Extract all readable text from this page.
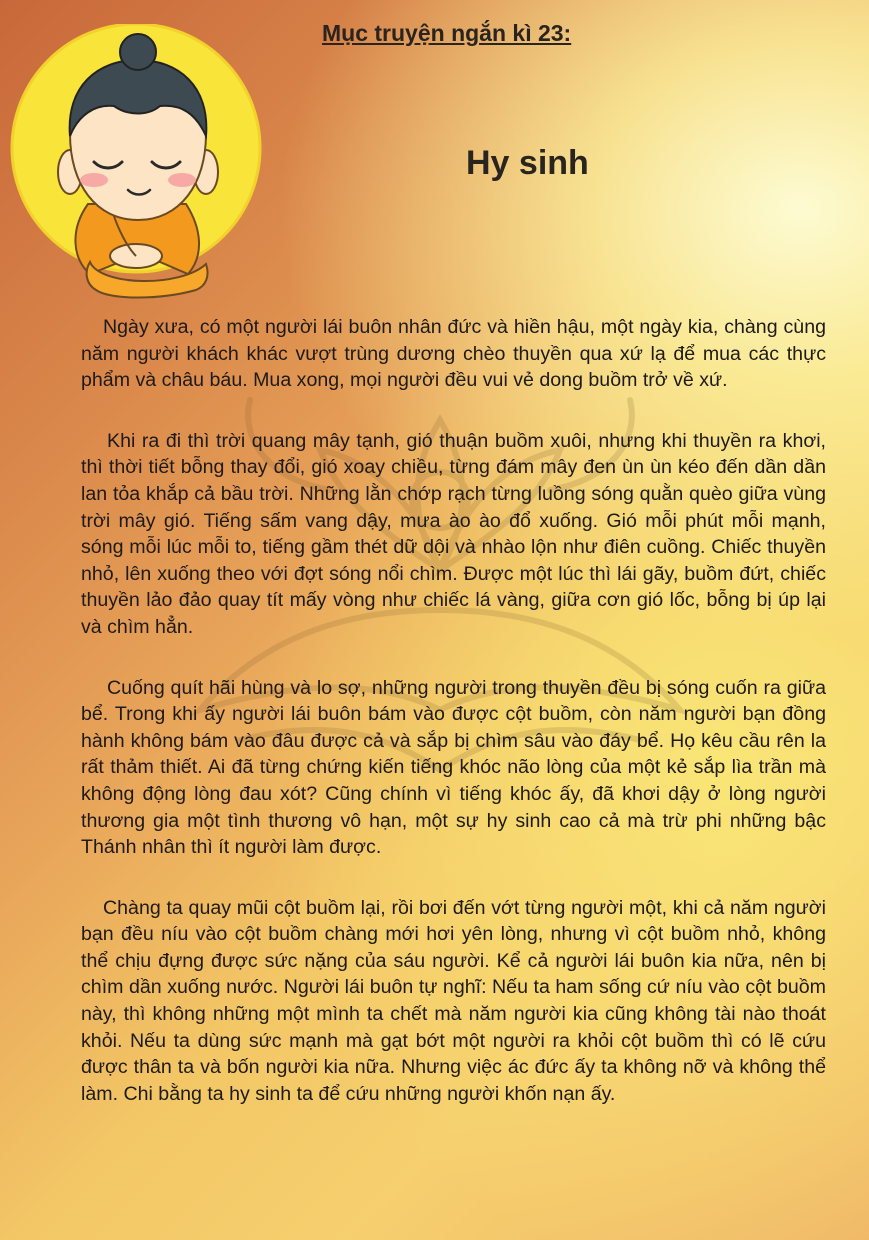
Mục truyện ngắn kì 23:
Hy sinh

Ngày xưa, có một người lái buôn nhân đức và hiền hậu, một ngày kia, chàng cùng năm người khách khác vượt trùng dương chèo thuyền qua xứ lạ để mua các thực phẩm và châu báu. Mua xong, mọi người đều vui vẻ dong buồm trở về xứ.

Khi ra đi thì trời quang mây tạnh, gió thuận buồm xuôi, nhưng khi thuyền ra khơi, thì thời tiết bỗng thay đổi, gió xoay chiều, từng đám mây đen ùn ùn kéo đến dần dần lan tỏa khắp cả bầu trời. Những lằn chớp rạch từng luồng sóng quằn quèo giữa vùng trời mây gió. Tiếng sấm vang dậy, mưa ào ào đổ xuống. Gió mỗi phút mỗi mạnh, sóng mỗi lúc mỗi to, tiếng gầm thét dữ dội và nhào lộn như điên cuồng. Chiếc thuyền nhỏ, lên xuống theo với đợt sóng nổi chìm. Được một lúc thì lái gãy, buồm đứt, chiếc thuyền lảo đảo quay tít mấy vòng như chiếc lá vàng, giữa cơn gió lốc, bỗng bị úp lại và chìm hẳn.

Cuống quít hãi hùng và lo sợ, những người trong thuyền đều bị sóng cuốn ra giữa bể. Trong khi ấy người lái buôn bám vào được cột buồm, còn năm người bạn đồng hành không bám vào đâu được cả và sắp bị chìm sâu vào đáy bể. Họ kêu cầu rên la rất thảm thiết. Ai đã từng chứng kiến tiếng khóc não lòng của một kẻ sắp lìa trần mà không động lòng đau xót? Cũng chính vì tiếng khóc ấy, đã khơi dậy ở lòng người thương gia một tình thương vô hạn, một sự hy sinh cao cả mà trừ phi những bậc Thánh nhân thì ít người làm được.

Chàng ta quay mũi cột buồm lại, rồi bơi đến vớt từng người một, khi cả năm người bạn đều níu vào cột buồm chàng mới hơi yên lòng, nhưng vì cột buồm nhỏ, không thể chịu đựng được sức nặng của sáu người. Kể cả người lái buôn kia nữa, nên bị chìm dần xuống nước. Người lái buôn tự nghĩ: Nếu ta ham sống cứ níu vào cột buồm này, thì không những một mình ta chết mà năm người kia cũng không tài nào thoát khỏi. Nếu ta dùng sức mạnh mà gạt bớt một người ra khỏi cột buồm thì có lẽ cứu được thân ta và bốn người kia nữa. Nhưng việc ác đức ấy ta không nỡ và không thể làm. Chi bằng ta hy sinh ta để cứu những người khốn nạn ấy.
